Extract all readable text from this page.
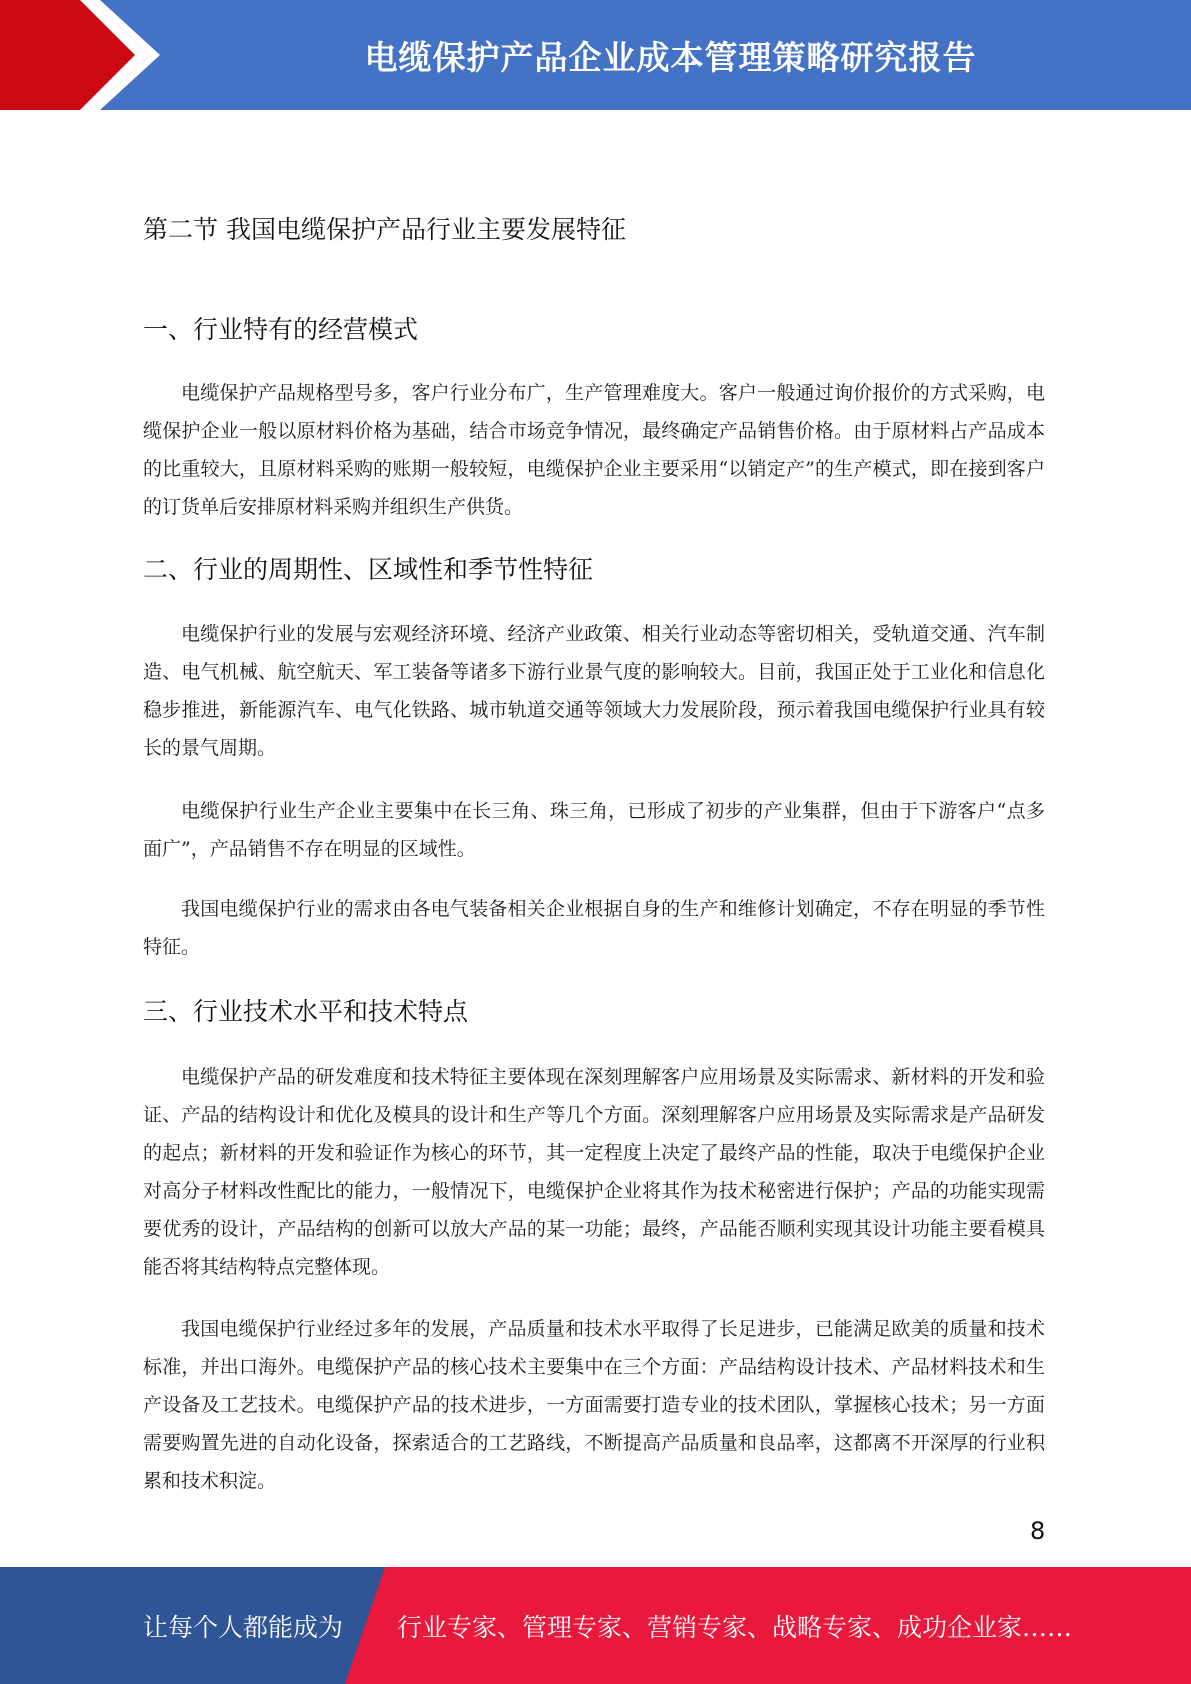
电缆保护产品企业成本管理策略研究报告
第二节 我国电缆保护产品行业主要发展特征
一、行业特有的经营模式

电缆保护产品规格型号多，客户行业分布广，生产管理难度大。客户一般通过询价报价的方式采购，电缆保护企业一般以原材料价格为基础，结合市场竞争情况，最终确定产品销售价格。由于原材料占产品成本的比重较大，且原材料采购的账期一般较短，电缆保护企业主要采用“以销定产”的生产模式，即在接到客户的订货单后安排原材料采购并组织生产供货。

二、行业的周期性、区域性和季节性特征

电缆保护行业的发展与宏观经济环境、经济产业政策、相关行业动态等密切相关，受轨道交通、汽车制造、电气机械、航空航天、军工装备等诸多下游行业景气度的影响较大。目前，我国正处于工业化和信息化稳步推进，新能源汽车、电气化铁路、城市轨道交通等领域大力发展阶段，预示着我国电缆保护行业具有较长的景气周期。

电缆保护行业生产企业主要集中在长三角、珠三角，已形成了初步的产业集群，但由于下游客户“点多面广”，产品销售不存在明显的区域性。

我国电缆保护行业的需求由各电气装备相关企业根据自身的生产和维修计划确定，不存在明显的季节性特征。

三、行业技术水平和技术特点

电缆保护产品的研发难度和技术特征主要体现在深刻理解客户应用场景及实际需求、新材料的开发和验证、产品的结构设计和优化及模具的设计和生产等几个方面。深刻理解客户应用场景及实际需求是产品研发的起点；新材料的开发和验证作为核心的环节，其一定程度上决定了最终产品的性能，取决于电缆保护企业对高分子材料改性配比的能力，一般情况下，电缆保护企业将其作为技术秘密进行保护；产品的功能实现需要优秀的设计，产品结构的创新可以放大产品的某一功能；最终，产品能否顺利实现其设计功能主要看模具能否将其结构特点完整体现。

我国电缆保护行业经过多年的发展，产品质量和技术水平取得了长足进步，已能满足欧美的质量和技术标准，并出口海外。电缆保护产品的核心技术主要集中在三个方面：产品结构设计技术、产品材料技术和生产设备及工艺技术。电缆保护产品的技术进步，一方面需要打造专业的技术团队，掌握核心技术；另一方面需要购置先进的自动化设备，探索适合的工艺路线，不断提高产品质量和良品率，这都离不开深厚的行业积累和技术积淀。

8
让每个人都能成为 行业专家、管理专家、营销专家、战略专家、成功企业家……
